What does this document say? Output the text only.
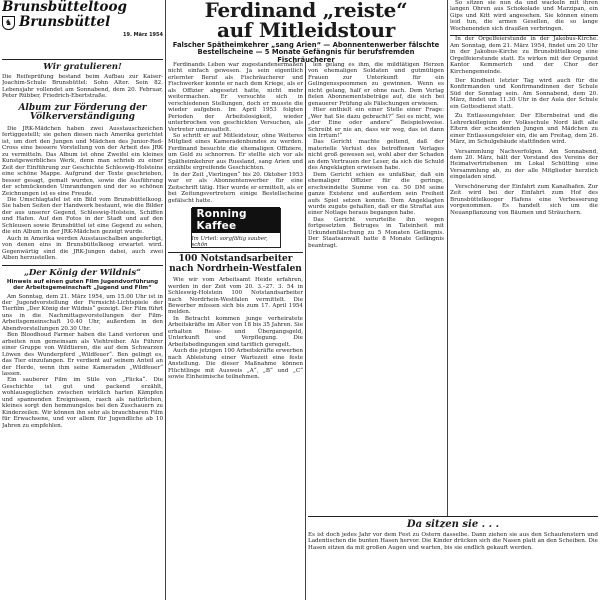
Brunsbütteltoog
♞ Brunsbüttel
19. März 1954
Wir gratulieren!
Die Reifeprüfung bestand beim Aufbau zur Kaiser-Joachim-Schule Brunsbüttel: Sohn Alter. Sein 82. Lebensjahr vollendet am Sonnabend, dem 20. Februar, Peter Rübber, Friedrich-Ebertstraße.
Album zur Förderung der Völkerverständigung

Die JRK-Mädchen haben zwei Ausstauschzeichen fertiggestellt; sie gehen diesen nach Amerika gerichtet ist, um dort den Jungen und Mädchen des Junior-Red-Cross eine bessere Vorstellung von der Arbeit des JRK zu vermitteln. Das Album ist ohne Zweifel ein kleines Kunstgewerbliches Werk, denn man schrieb zu einer Zeit der Einführung zur Geschichte Schleswig-Holsteins eine schöne Mappe. Aufgrund der Texte geschrieben, besser gesagt, gemalt wurden, sowie die Ausführung der schmückenden Umrandungen und der so schönen Zeichnungen ist es eine Freude.

Die Umschlagtafel ist ein Bild vom Brunsbüttelkoog. Sie haben Seiten der Handwerk bestaunt, wie die Bilder der aus unserer Gegend, Schleswig-Holstein, Schiffen und Hafen. Auf den Fotos in der Stadt und auf den Schleusen sowie Brunsbüttel ist eine Gegend zu sehen, die ein Album in der JRK-Mädchen gezeigt wurde.

Auch in Amerika werden Ausstauschalben angefertigt, von denen eins in Brunsbüttelkoog erwartet wird. Gegenwärtig sind die JRK-Jungen dabei, auch zwei Alben herzustellen.

„Der König der Wildnis“
Hinweis auf einen guten Film Jugendvorführung der Arbeitsgemeinschaft „Jugend und Film“

Am Sonntag, dem 21. März 1954, um 15.00 Uhr ist in der Jugendvorstellung der Fernsicht-Lichtspiele der Tierfilm „Der König der Wildnis“ gezeigt. Der Film führt uns in die Nachmittagsvorstellungen der Film-Arbeitsgemeinschaft 10.40 Uhr, außerdem in den Abendvorstellungen 20.30 Uhr.

Ben Bloodhoud Farmer haben die Land verloren und arbeiten nun gemeinsam als Viehtreiber. Als Führer einer Gruppe von Wildtieren, die auf dem Schwarzen Löwen des Wunderpferd „Wildfeuer“. Ben gelingt es, das Tier einzufangen. Er verdient auf seinem Anteil an der Herde, wenn ihm seine Kameraden „Wildfeuer“ lassen.

Ein sauberer Film im Stile von „Flicka“. Die Geschichte ist gut und packend erzählt, wohlausgeglichen zwischen wirklich harten Kämpfen und spannenden Ereignissen, rasch als natürlichen, kleines sorgt den hemmungslos bei den Zuschauern zu Kinderzeilen. Wir können ihn sehr als brauchbaren Film für Erwachsene, und vor allem für Jugendliche ab 10 Jahren zu empfehlen.

Ferdinand „reiste“
auf Mitleidstour
Falscher Spätheimkehrer „sang Arien“ — Abonnentenwerber fälschte Bestellscheine — 5 Monate Gefängnis für berufsfremden Fischräucherer

Ferdinands Leben war zugestandenermaßen nicht einfach gewesen. Ja sein eigentlich erlernter Beruf als Fischräucherer und Fischwerker konnte er nach dem Kriege, als er als Offizier abgesetzt hatte, nicht mehr weitermachen. Er versuchte sich in verschiedenen Stellungen, doch er musste die wieder aufgeben. Im April 1953 folgten Perioden der Arbeitslosigkeit, wieder unterbrochen von geschickten Versuchen, als Vertreter umzusattelt.

So schritt er auf Mitleidstour, ohne Weiteres Mitglied eines Kameradenbundes zu werden. Ferdinand besuchte die ehemaligen Offiziere, um Geld zu schnorren. Er stellte sich vor als Spätheimkehrer aus Russland, sang Arien und erzählte ergreifende Geschichten.

In der Zeit „Vierlingen“ bis 20. Oktober 1953 war er als Abonnentenwerber für eine Zeitschrift tätig. Hier wurde er ermittelt, als er bei Zeitungsvertretern einige Bestellscheine gefälscht hatte.

Ronning Kaffee
Im Urteil: sorgfältig sauber, schön
100 Notstandsarbeiter nach Nordrhein-Westfalen

Wie wir vom Arbeitsamt Heide erfahren, werden in der Zeit vom 20. 3.–27. 3. 54 in Schleswig-Holstein 100 Notstandsarbeiter nach Nordrhein-Westfalen vermittelt. Die Bewerber müssen sich bis zum 17. April 1954 melden.

In Betracht kommen junge verheiratete Arbeitskräfte im Alter von 18 bis 35 Jahren. Sie erhalten Reise- und Übergangsgeld, Unterkunft und Verpflegung. Die Arbeitsbedingungen sind tariflich geregelt.

Auch die jetzigen 100 Arbeitskräfte erwerben nach Ableistung einer Wartezeit eine feste Anstellung. Die dieser Maßnahme können Flüchtlinge mit Ausweis „A“, „B“ und „C“ sowie Einheimische teilnehmen.

len gelang es ihm, die mildtätigen Herzen von ehemaligen Soldaten und gutmütigen Frauen zur Unterkunft für ein Gelingensspoommen zu gewinnen. Wenn es nicht gelang, half er ohne nach. Dem Verlag fielen Abonnementsbeträge auf, die sich bei genauerer Prüfung als Fälschungen erwiesen.

Hier enthielt ein einer Stelle einer Frage: „Wer hat Sie dazu gebracht?“ Sei es nicht, wie „der Eine oder andere“ Beispielsweise. Schreibt er nie an, dass wir weg, das ist dann ein Irrtum!“

Das Gericht machte geltend, daß der materielle Verlust des betroffenen Verlages nicht groß gewesen sei, wohl aber der Schaden an dem Vertrauen der Leser, da sich die Schuld des Angeklagten erwiesen habe.

Dem Gericht schien es unfaßbar, daß ein ehemaliger Offizier für die geringe, erschwindelte Summe von ca. 50 DM seine ganze Existenz und außerdem sein Freiheit aufs Spiel setzen konnte. Dem Angeklagten wurde zugute gehalten, daß er die Straftat aus einer Notlage heraus begangen habe.

Das Gericht verurteilte ihn wegen fortgesetzten Betruges in Tateinheit mit Urkundenfälschung zu 5 Monaten Gefängnis. Der Staatsanwalt hatte 8 Monate Gefängnis beantragt.

So sitzen sie nun da und wackeln mit ihren langen Ohren aus Schokolade und Marzipan, ein Gips und Kitt wird angesehen. Sie können einem leid tun, die armen Gesellen, die so lange Wochenenden sich draußen verbringen.

In der Orgelfeierstunde in der Jakobus-Kirche. Am Sonntag, dem 21. März 1954, findet um 20 Uhr in der Jakobus-Kirche zu Brunsbüttelkoog eine Orgelfeierstunde statt. Es wirken mit der Organist Kantor Kemmerich und der Chor der Kirchengemeinde.

Der Kindheit letzter Tag wird auch für die Konfirmanden und Konfirmandinnen der Schule Süd der Sonntag sein. Am Sonnabend, dem 20. März, findet um 11.30 Uhr in der Aula der Schule ein Gottesdienst statt.

Zu Entlassungsfeier. Der Elternbeirat und die Lehrerkollegium der Volksschule Nord lädt alle Eltern der scheidenden Jungen und Mädchen zu einer Entlassungsfeier ein, die am Freitag, dem 26. März, im Schulgebäude stattfinden wird.

Versammlung Nachverfolgen. Am Sonnabend, dem 20. März, hält der Vorstand des Vereins der Heimatvertriebenen im Lokal Schütting eine Versammlung ab, zu der alle Mitglieder herzlich eingeladen sind.

Verschönerung der Einfahrt zum Kanalhafen. Zur Zeit wird bei der Einfahrt zum Hof des Brunsbüttelkooger Hafens eine Verbesserung vorgenommen. Es handelt sich um die Neuanpflanzung von Bäumen und Sträuchern.

Da sitzen sie . . .
Es ist doch jedes Jahr vor dem Fest zu Ostern dasselbe. Dann ziehen sie aus den Schaufenstern und Ladentischen die bunten Hasen hervor. Die Kinder drücken sich die Nasen platt an den Scheiben. Die Hasen sitzen da mit großen Augen und warten, bis sie endlich gekauft werden.
